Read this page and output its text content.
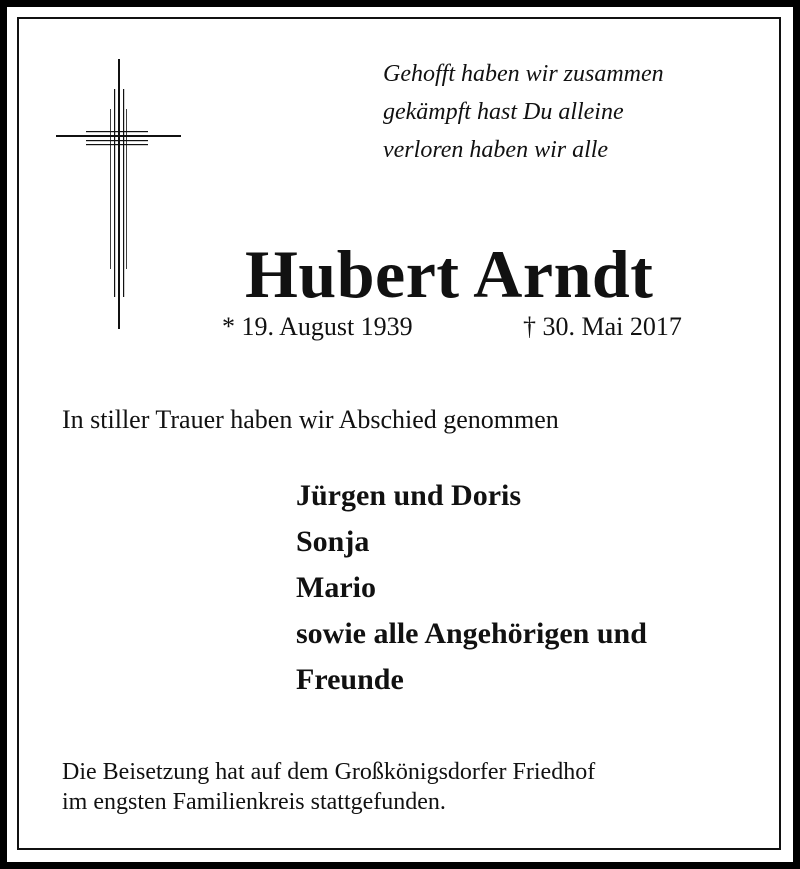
Gehofft haben wir zusammen
gekämpft hast Du alleine
verloren haben wir alle
Hubert Arndt
* 19. August 1939	† 30. Mai 2017
In stiller Trauer haben wir Abschied genommen
Jürgen und Doris
Sonja
Mario
sowie alle Angehörigen und
Freunde
Die Beisetzung hat auf dem Großkönigsdorfer Friedhof
im engsten Familienkreis stattgefunden.
